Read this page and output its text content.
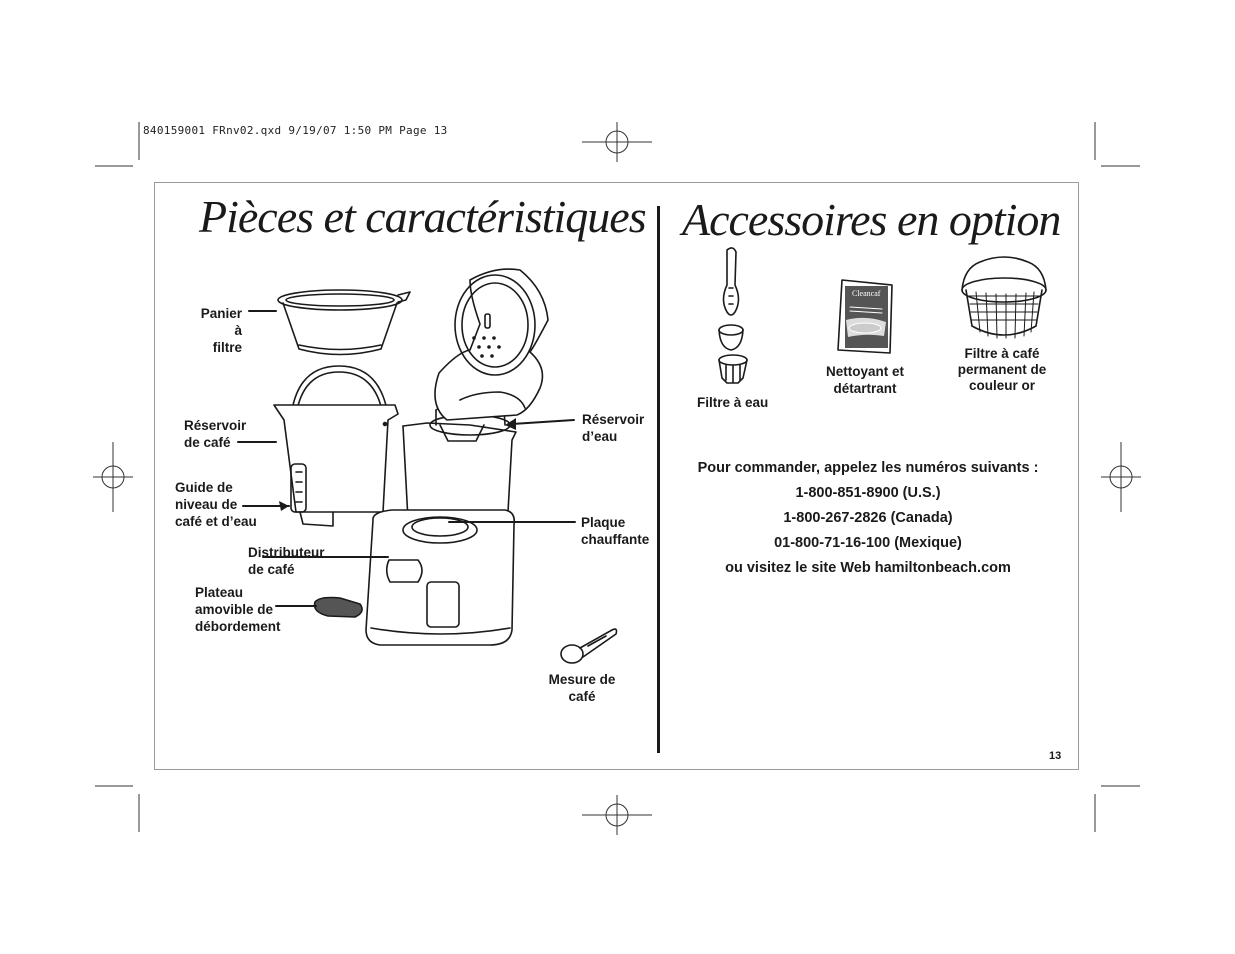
840159001 FRnv02.qxd 9/19/07 1:50 PM Page 13
Pièces et caractéristiques Accessoires en option
Cleancaf
Panier à
filtre
Réservoir
de café
Guide de
niveau de
café et d’eau
Distributeur
de café
Plateau
amovible de
débordement
Réservoir
d’eau
Plaque
chauffante
Mesure de
café
Filtre à eau
Nettoyant et
détartrant
Filtre à café
permanent de
couleur or
Pour commander, appelez les numéros suivants :
1-800-851-8900 (U.S.)
1-800-267-2826 (Canada)
01-800-71-16-100 (Mexique)
ou visitez le site Web hamiltonbeach.com
13
